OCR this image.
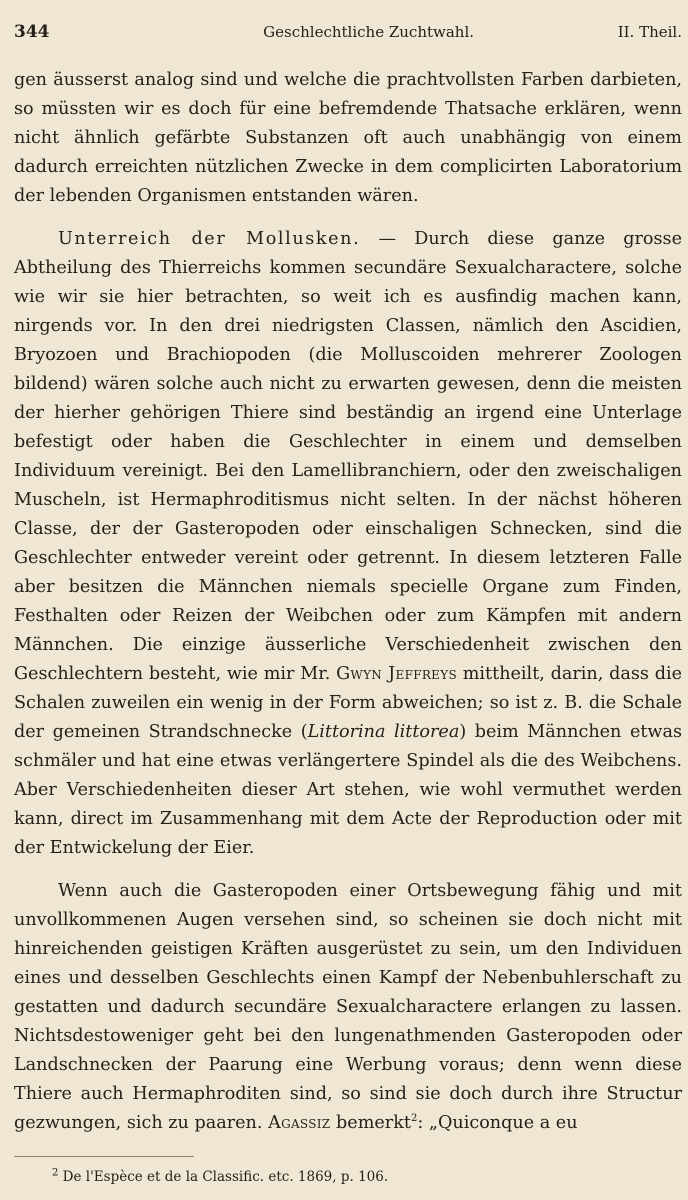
344	Geschlechtliche Zuchtwahl.	II. Theil.

gen äusserst analog sind und welche die prachtvollsten Farben darbieten, so müssten wir es doch für eine befremdende Thatsache erklären, wenn nicht ähnlich gefärbte Substanzen oft auch unabhängig von einem dadurch erreichten nützlichen Zwecke in dem complicirten Laboratorium der lebenden Organismen entstanden wären.

Unterreich der Mollusken. — Durch diese ganze grosse Abtheilung des Thierreichs kommen secundäre Sexualcharactere, solche wie wir sie hier betrachten, so weit ich es ausfindig machen kann, nirgends vor. In den drei niedrigsten Classen, nämlich den Ascidien, Bryozoen und Brachiopoden (die Molluscoiden mehrerer Zoologen bildend) wären solche auch nicht zu erwarten gewesen, denn die meisten der hierher gehörigen Thiere sind beständig an irgend eine Unterlage befestigt oder haben die Geschlechter in einem und demselben Individuum vereinigt. Bei den Lamellibranchiern, oder den zweischaligen Muscheln, ist Hermaphroditismus nicht selten. In der nächst höheren Classe, der der Gasteropoden oder einschaligen Schnecken, sind die Geschlechter entweder vereint oder getrennt. In diesem letzteren Falle aber besitzen die Männchen niemals specielle Organe zum Finden, Festhalten oder Reizen der Weibchen oder zum Kämpfen mit andern Männchen. Die einzige äusserliche Verschiedenheit zwischen den Geschlechtern besteht, wie mir Mr. Gwyn Jeffreys mittheilt, darin, dass die Schalen zuweilen ein wenig in der Form abweichen; so ist z. B. die Schale der gemeinen Strandschnecke (Littorina littorea) beim Männchen etwas schmäler und hat eine etwas verlängertere Spindel als die des Weibchens. Aber Verschiedenheiten dieser Art stehen, wie wohl vermuthet werden kann, direct im Zusammenhang mit dem Acte der Reproduction oder mit der Entwickelung der Eier.

Wenn auch die Gasteropoden einer Ortsbewegung fähig und mit unvollkommenen Augen versehen sind, so scheinen sie doch nicht mit hinreichenden geistigen Kräften ausgerüstet zu sein, um den Individuen eines und desselben Geschlechts einen Kampf der Nebenbuhlerschaft zu gestatten und dadurch secundäre Sexualcharactere erlangen zu lassen. Nichtsdestoweniger geht bei den lungenathmenden Gasteropoden oder Landschnecken der Paarung eine Werbung voraus; denn wenn diese Thiere auch Hermaphroditen sind, so sind sie doch durch ihre Structur gezwungen, sich zu paaren. Agassiz bemerkt$^2$: „Quiconque a eu

$^2$ De l'Espèce et de la Classific. etc. 1869, p. 106.
